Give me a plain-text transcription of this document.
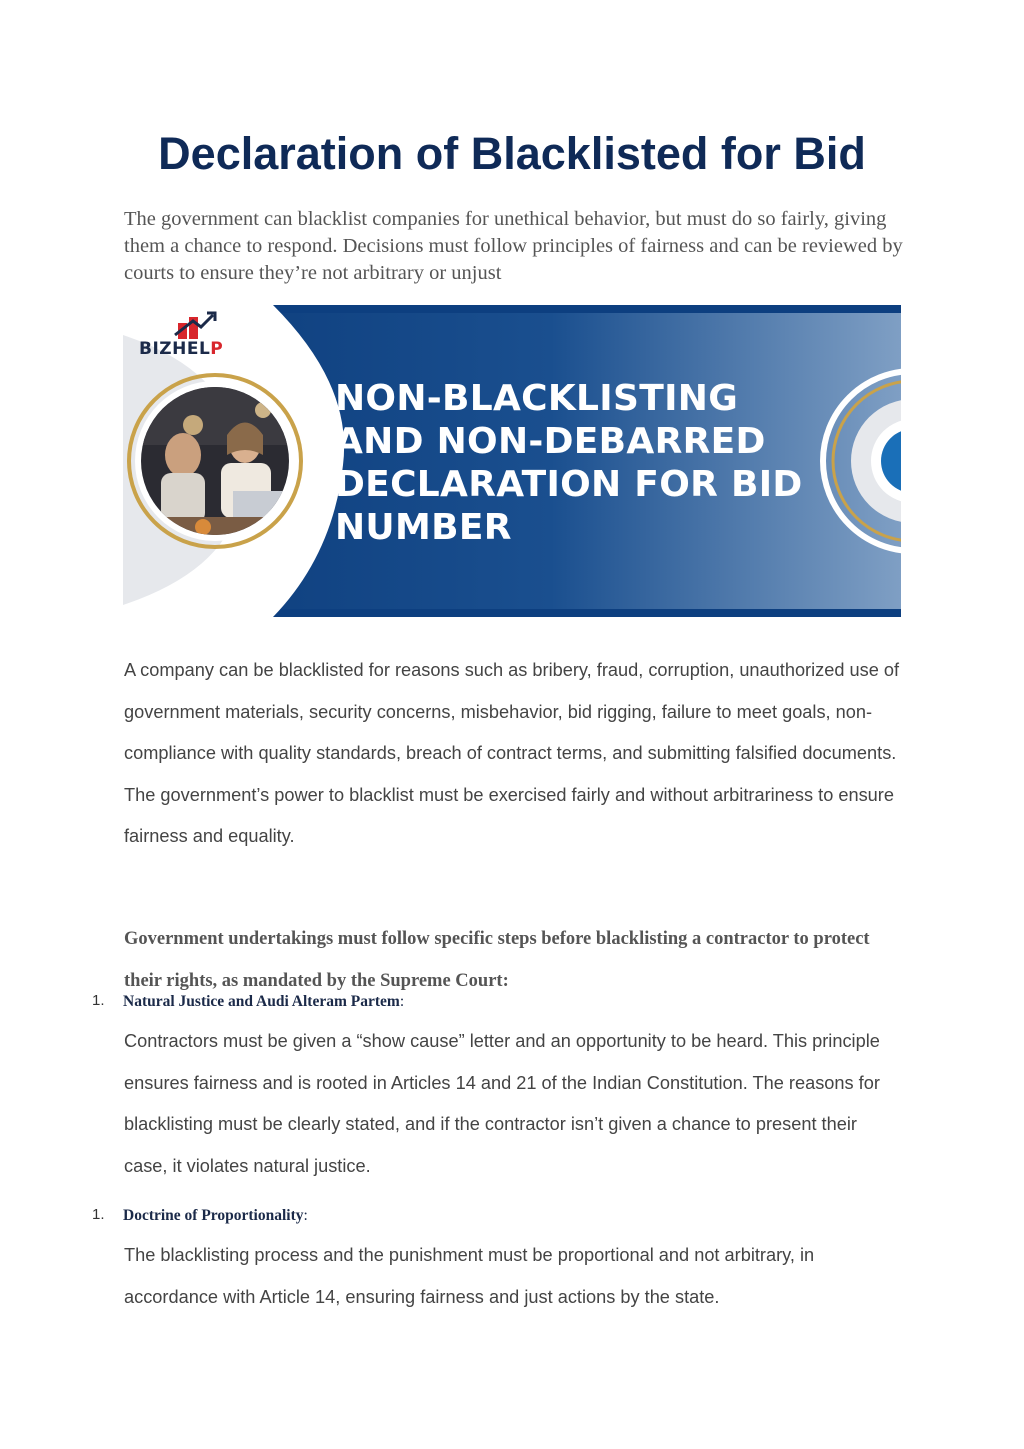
Declaration of Blacklisted for Bid

The government can blacklist companies for unethical behavior, but must do so fairly, giving them a chance to respond. Decisions must follow principles of fairness and can be reviewed by courts to ensure they’re not arbitrary or unjust

BIZHELP
NON-BLACKLISTING
AND NON-DEBARRED
DECLARATION FOR BID
NUMBER

A company can be blacklisted for reasons such as bribery, fraud, corruption, unauthorized use of government materials, security concerns, misbehavior, bid rigging, failure to meet goals, non-compliance with quality standards, breach of contract terms, and submitting falsified documents. The government’s power to blacklist must be exercised fairly and without arbitrariness to ensure fairness and equality.

Government undertakings must follow specific steps before blacklisting a contractor to protect their rights, as mandated by the Supreme Court:

1. Natural Justice and Audi Alteram Partem:

Contractors must be given a “show cause” letter and an opportunity to be heard. This principle ensures fairness and is rooted in Articles 14 and 21 of the Indian Constitution. The reasons for blacklisting must be clearly stated, and if the contractor isn’t given a chance to present their case, it violates natural justice.

1. Doctrine of Proportionality:

The blacklisting process and the punishment must be proportional and not arbitrary, in accordance with Article 14, ensuring fairness and just actions by the state.
